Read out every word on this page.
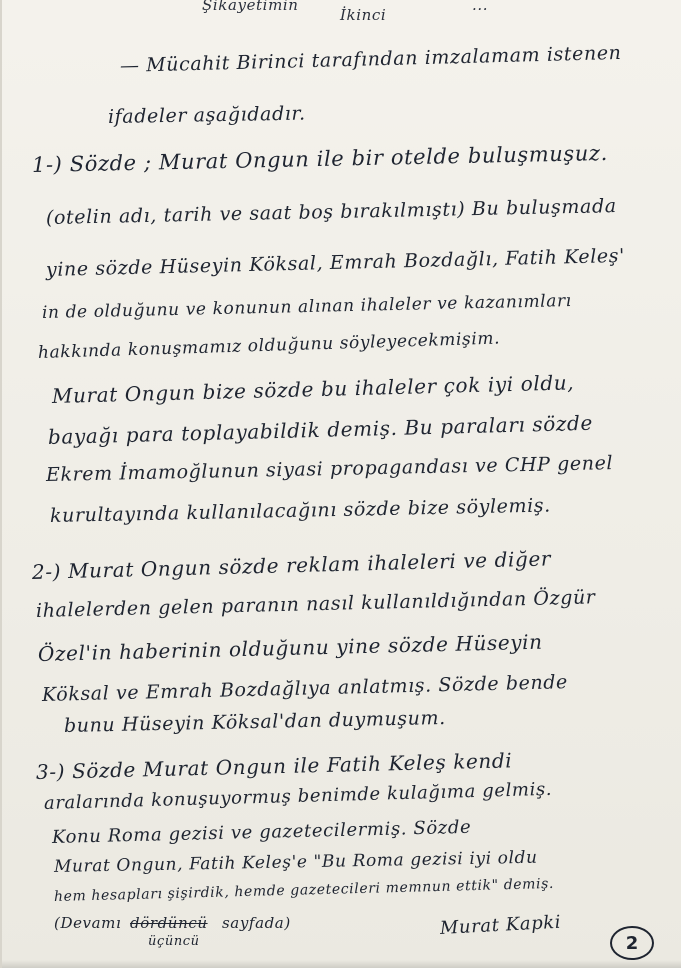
Şikayetimin
İkinci
...
— Mücahit Birinci tarafından imzalamam istenen
ifadeler aşağıdadır.
1-) Sözde ; Murat Ongun ile bir otelde buluşmuşuz.
(otelin adı, tarih ve saat boş bırakılmıştı) Bu buluşmada
yine sözde Hüseyin Köksal, Emrah Bozdağlı, Fatih Keleş'
in de olduğunu ve konunun alınan ihaleler ve kazanımları
hakkında konuşmamız olduğunu söyleyecekmişim.
Murat Ongun bize sözde bu ihaleler çok iyi oldu,
bayağı para toplayabildik demiş. Bu paraları sözde
Ekrem İmamoğlunun siyasi propagandası ve CHP genel
kurultayında kullanılacağını sözde bize söylemiş.
2-) Murat Ongun sözde reklam ihaleleri ve diğer
ihalelerden gelen paranın nasıl kullanıldığından Özgür
Özel'in haberinin olduğunu yine sözde Hüseyin
Köksal ve Emrah Bozdağlıya anlatmış. Sözde bende
bunu Hüseyin Köksal'dan duymuşum.
3-) Sözde Murat Ongun ile Fatih Keleş kendi
aralarında konuşuyormuş benimde kulağıma gelmiş.
Konu Roma gezisi ve gazetecilermiş. Sözde
Murat Ongun, Fatih Keleş'e "Bu Roma gezisi iyi oldu
hem hesapları şişirdik, hemde gazetecileri memnun ettik" demiş.
(Devamı dördüncü sayfada)
üçüncü
Murat Kapki
2
